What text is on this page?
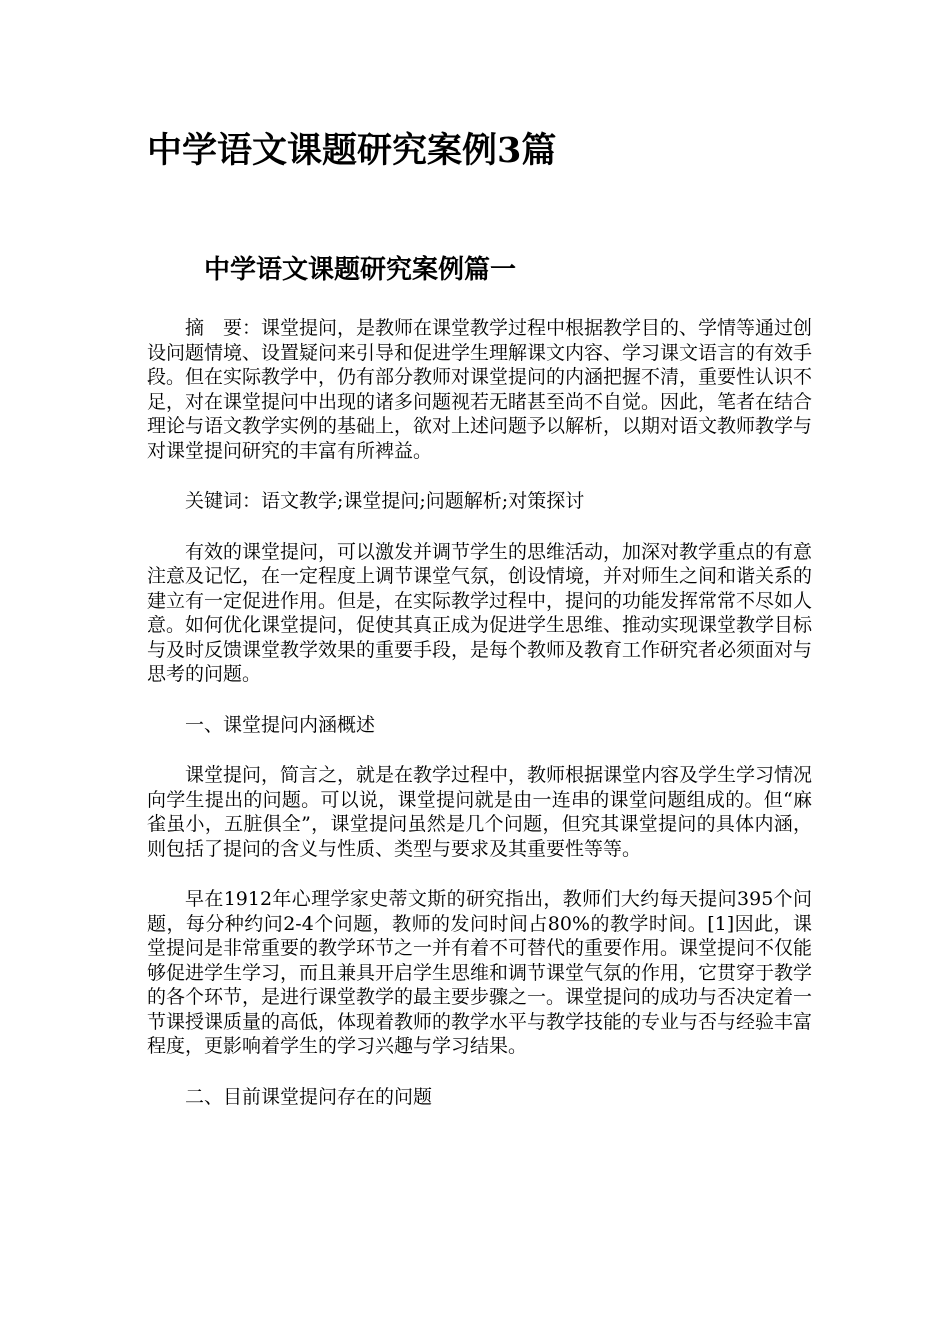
中学语文课题研究案例3篇
中学语文课题研究案例篇一

摘　要：课堂提问，是教师在课堂教学过程中根据教学目的、学情等通过创设问题情境、设置疑问来引导和促进学生理解课文内容、学习课文语言的有效手段。但在实际教学中，仍有部分教师对课堂提问的内涵把握不清，重要性认识不足，对在课堂提问中出现的诸多问题视若无睹甚至尚不自觉。因此，笔者在结合理论与语文教学实例的基础上，欲对上述问题予以解析，以期对语文教师教学与对课堂提问研究的丰富有所裨益。

关键词：语文教学;课堂提问;问题解析;对策探讨

有效的课堂提问，可以激发并调节学生的思维活动，加深对教学重点的有意注意及记忆，在一定程度上调节课堂气氛，创设情境，并对师生之间和谐关系的建立有一定促进作用。但是，在实际教学过程中，提问的功能发挥常常不尽如人意。如何优化课堂提问，促使其真正成为促进学生思维、推动实现课堂教学目标与及时反馈课堂教学效果的重要手段，是每个教师及教育工作研究者必须面对与思考的问题。

一、课堂提问内涵概述

课堂提问，简言之，就是在教学过程中，教师根据课堂内容及学生学习情况向学生提出的问题。可以说，课堂提问就是由一连串的课堂问题组成的。但“麻雀虽小，五脏俱全”，课堂提问虽然是几个问题，但究其课堂提问的具体内涵，则包括了提问的含义与性质、类型与要求及其重要性等等。

早在1912年心理学家史蒂文斯的研究指出，教师们大约每天提问395个问题，每分种约问2-4个问题，教师的发问时间占80%的教学时间。[1]因此，课堂提问是非常重要的教学环节之一并有着不可替代的重要作用。课堂提问不仅能够促进学生学习，而且兼具开启学生思维和调节课堂气氛的作用，它贯穿于教学的各个环节，是进行课堂教学的最主要步骤之一。课堂提问的成功与否决定着一节课授课质量的高低，体现着教师的教学水平与教学技能的专业与否与经验丰富程度，更影响着学生的学习兴趣与学习结果。

二、目前课堂提问存在的问题
